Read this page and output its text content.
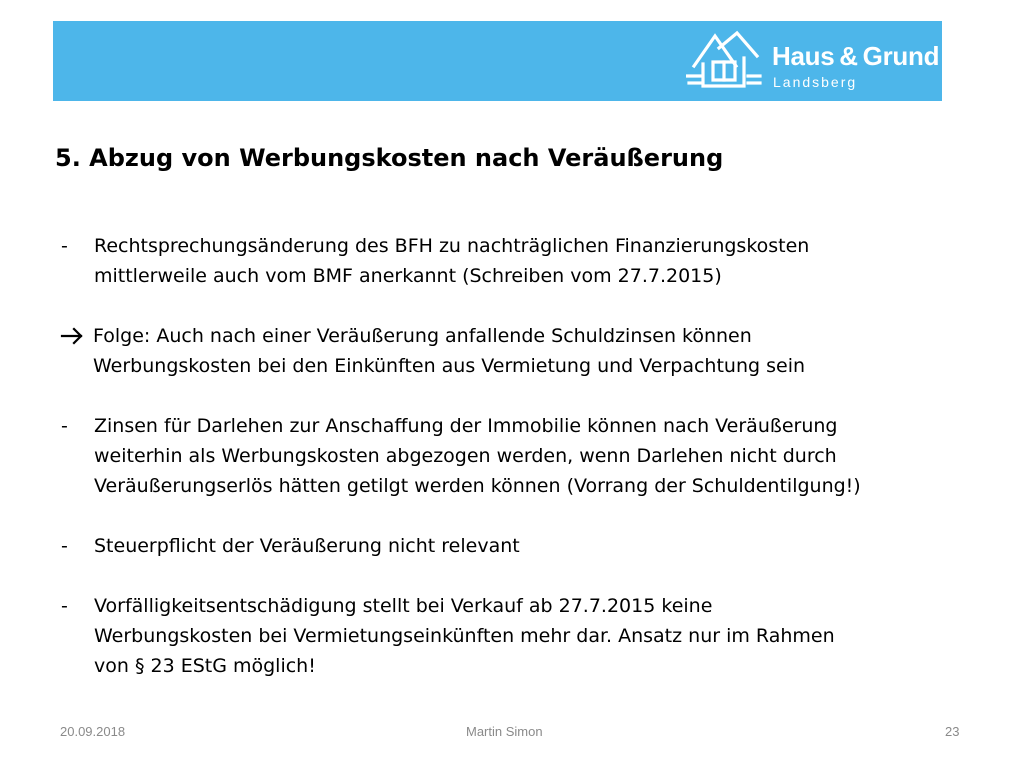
Haus & Grund ®
Landsberg
5. Abzug von Werbungskosten nach Veräußerung
-	Rechtsprechungsänderung des BFH zu nachträglichen Finanzierungskosten
mittlerweile auch vom BMF anerkannt (Schreiben vom 27.7.2015)
Folge: Auch nach einer Veräußerung anfallende Schuldzinsen können
Werbungskosten bei den Einkünften aus Vermietung und Verpachtung sein
-	Zinsen für Darlehen zur Anschaffung der Immobilie können nach Veräußerung
weiterhin als Werbungskosten abgezogen werden, wenn Darlehen nicht durch
Veräußerungserlös hätten getilgt werden können (Vorrang der Schuldentilgung!)
-	Steuerpflicht der Veräußerung nicht relevant
-	Vorfälligkeitsentschädigung stellt bei Verkauf ab 27.7.2015 keine
Werbungskosten bei Vermietungseinkünften mehr dar. Ansatz nur im Rahmen
von § 23 EStG möglich!
20.09.2018	Martin Simon	23
